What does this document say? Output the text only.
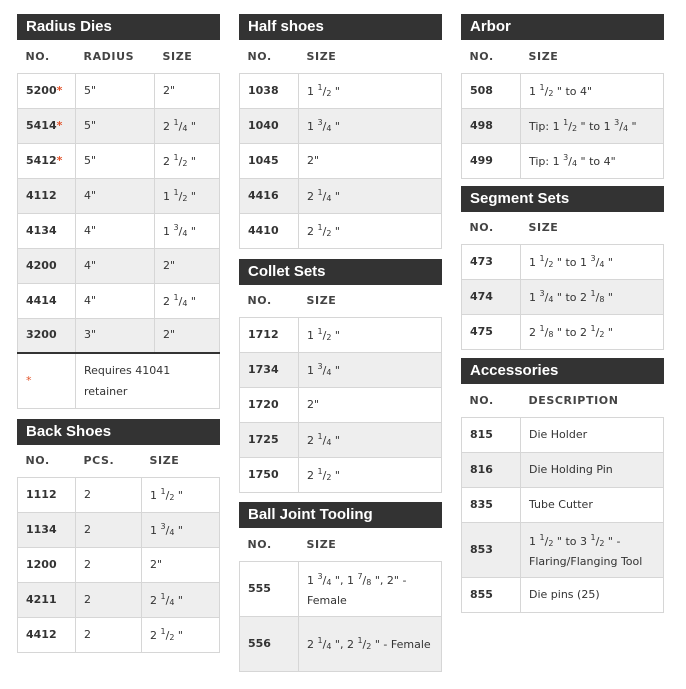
Radius Dies
NO.	RADIUS	SIZE
5200*	5"	2"
5414*	5"	2 $^1/_4$ "
5412*	5"	2 $^1/_2$ "
4112	4"	1 $^1/_2$ "
4134	4"	1 $^3/_4$ "
4200	4"	2"
4414	4"	2 $^1/_4$ "
3200	3"	2"
*	Requires 41041 retainer	
Back Shoes
NO.	PCS.	SIZE
1112	2	1 $^1/_2$ "
1134	2	1 $^3/_4$ "
1200	2	2"
4211	2	2 $^1/_4$ "
4412	2	2 $^1/_2$ "
Half shoes
NO.	SIZE
1038	1 $^1/_2$ "
1040	1 $^3/_4$ "
1045	2"
4416	2 $^1/_4$ "
4410	2 $^1/_2$ "
Collet Sets
NO.	SIZE
1712	1 $^1/_2$ "
1734	1 $^3/_4$ "
1720	2"
1725	2 $^1/_4$ "
1750	2 $^1/_2$ "
Ball Joint Tooling
NO.	SIZE
555	1 $^3/_4$ ", 1 $^7/_8$ ", 2" - Female
556	2 $^1/_4$ ", 2 $^1/_2$ " - Female
Arbor
NO.	SIZE
508	1 $^1/_2$ " to 4"
498	Tip: 1 $^1/_2$ " to 1 $^3/_4$ "
499	Tip: 1 $^3/_4$ " to 4"
Segment Sets
NO.	SIZE
473	1 $^1/_2$ " to 1 $^3/_4$ "
474	1 $^3/_4$ " to 2 $^1/_8$ "
475	2 $^1/_8$ " to 2 $^1/_2$ "
Accessories
NO.	DESCRIPTION
815	Die Holder
816	Die Holding Pin
835	Tube Cutter
853	1 $^1/_2$ " to 3 $^1/_2$ " - Flaring/Flanging Tool
855	Die pins (25)
